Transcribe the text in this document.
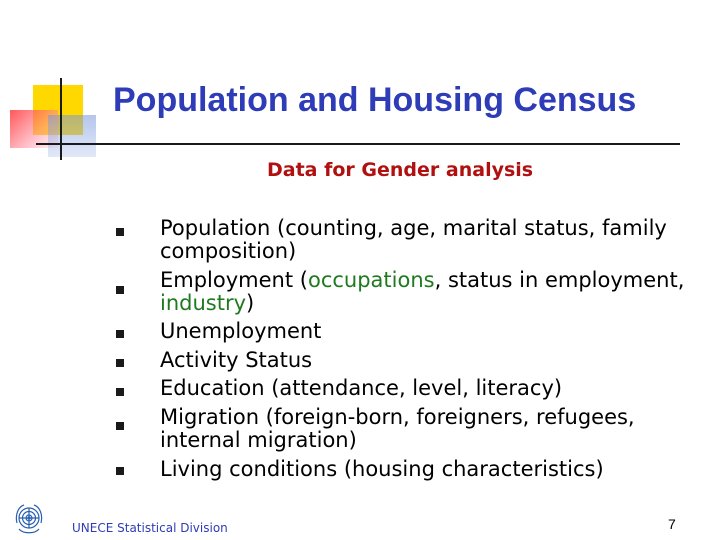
Population and Housing Census
Data for Gender analysis
Population (counting, age, marital status, family composition)
Employment (occupations, status in employment, industry)
Unemployment
Activity Status
Education (attendance, level, literacy)
Migration (foreign-born, foreigners, refugees, internal migration)
Living conditions (housing characteristics)
UNECE Statistical Division	7
